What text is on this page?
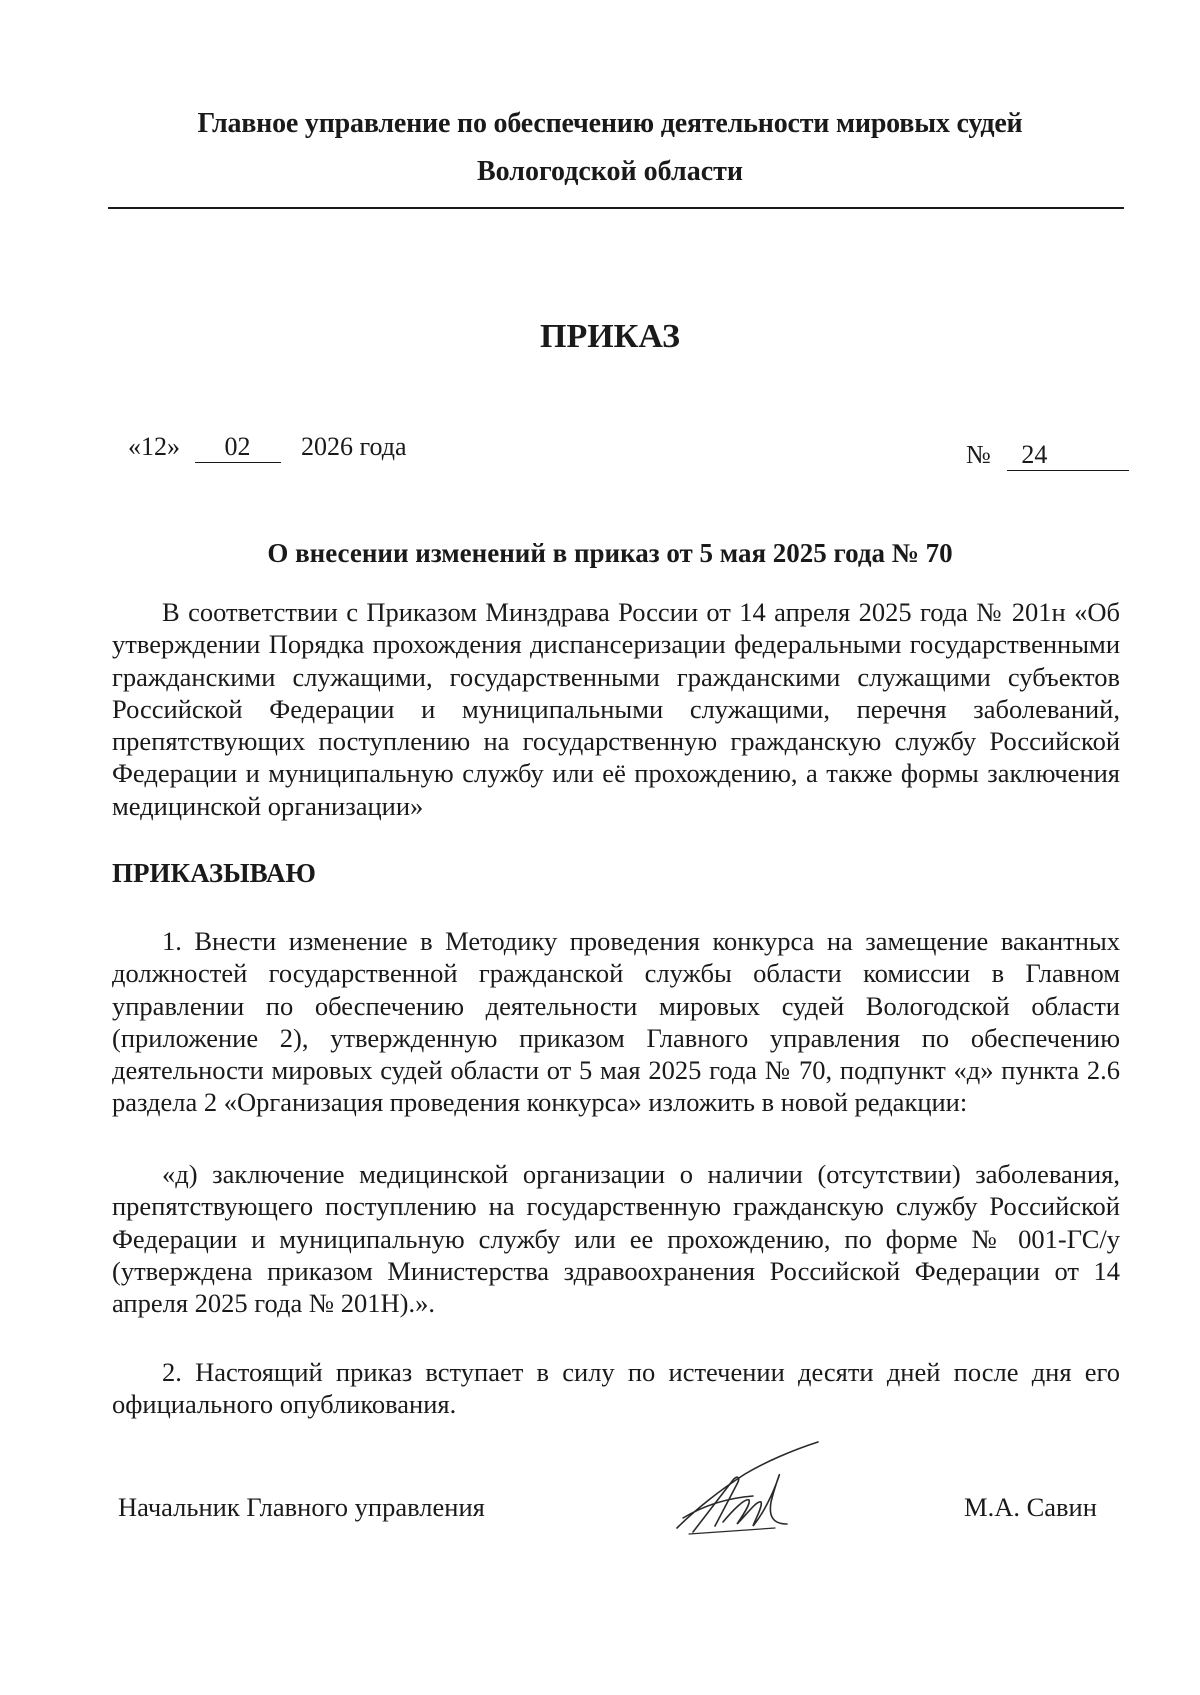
Главное управление по обеспечению деятельности мировых судей
Вологодской области
ПРИКАЗ
«12» 02 2026 года	№ 24
О внесении изменений в приказ от 5 мая 2025 года № 70
В соответствии с Приказом Минздрава России от 14 апреля 2025 года № 201н «Об утверждении Порядка прохождения диспансеризации федеральными государственными гражданскими служащими, государственными гражданскими служащими субъектов Российской Федерации и муниципальными служащими, перечня заболеваний, препятствующих поступлению на государственную гражданскую службу Российской Федерации и муниципальную службу или её прохождению, а также формы заключения медицинской организации»
ПРИКАЗЫВАЮ
1. Внести изменение в Методику проведения конкурса на замещение вакантных должностей государственной гражданской службы области комиссии в Главном управлении по обеспечению деятельности мировых судей Вологодской области (приложение 2), утвержденную приказом Главного управления по обеспечению деятельности мировых судей области от 5 мая 2025 года № 70, подпункт «д» пункта 2.6 раздела 2 «Организация проведения конкурса» изложить в новой редакции:
«д) заключение медицинской организации о наличии (отсутствии) заболевания, препятствующего поступлению на государственную гражданскую службу Российской Федерации и муниципальную службу или ее прохождению, по форме № 001-ГС/у (утверждена приказом Министерства здравоохранения Российской Федерации от 14 апреля 2025 года № 201Н).».
2. Настоящий приказ вступает в силу по истечении десяти дней после дня его официального опубликования.
Начальник Главного управления	М.А. Савин
